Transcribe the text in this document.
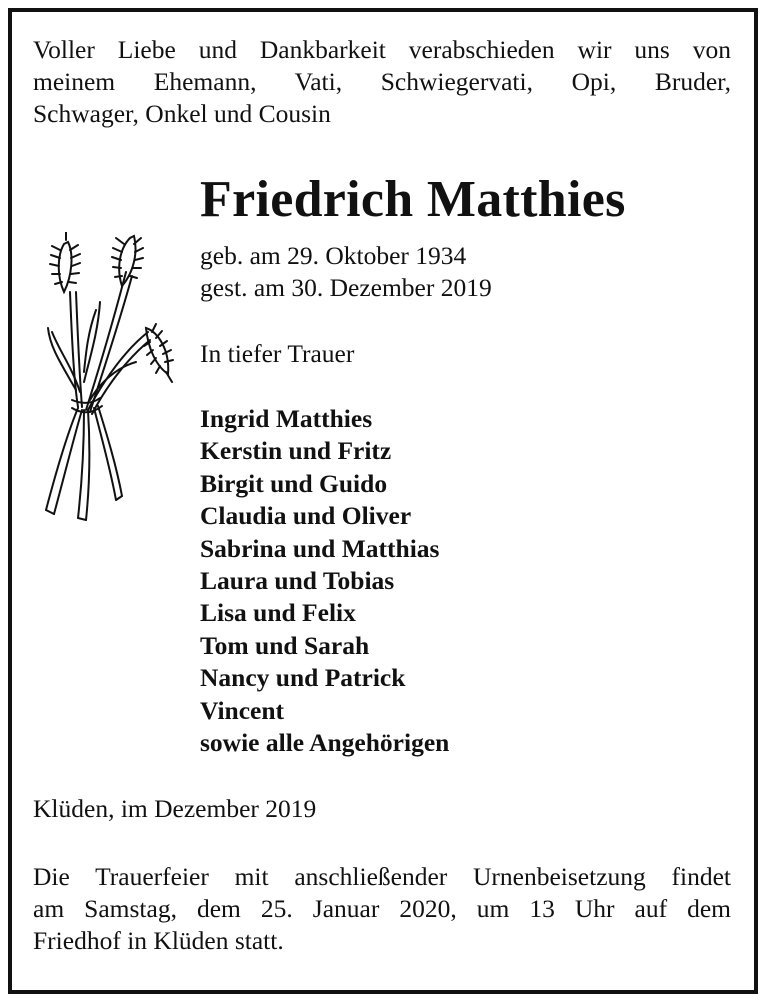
Voller Liebe und Dankbarkeit verabschieden wir uns von
meinem Ehemann, Vati, Schwiegervati, Opi, Bruder,
Schwager, Onkel und Cousin

Friedrich Matthies
geb. am 29. Oktober 1934
gest. am 30. Dezember 2019

In tiefer Trauer

Ingrid Matthies
Kerstin und Fritz
Birgit und Guido
Claudia und Oliver
Sabrina und Matthias
Laura und Tobias
Lisa und Felix
Tom und Sarah
Nancy und Patrick
Vincent
sowie alle Angehörigen

Klüden, im Dezember 2019

Die Trauerfeier mit anschließender Urnenbeisetzung findet
am Samstag, dem 25. Januar 2020, um 13 Uhr auf dem
Friedhof in Klüden statt.
